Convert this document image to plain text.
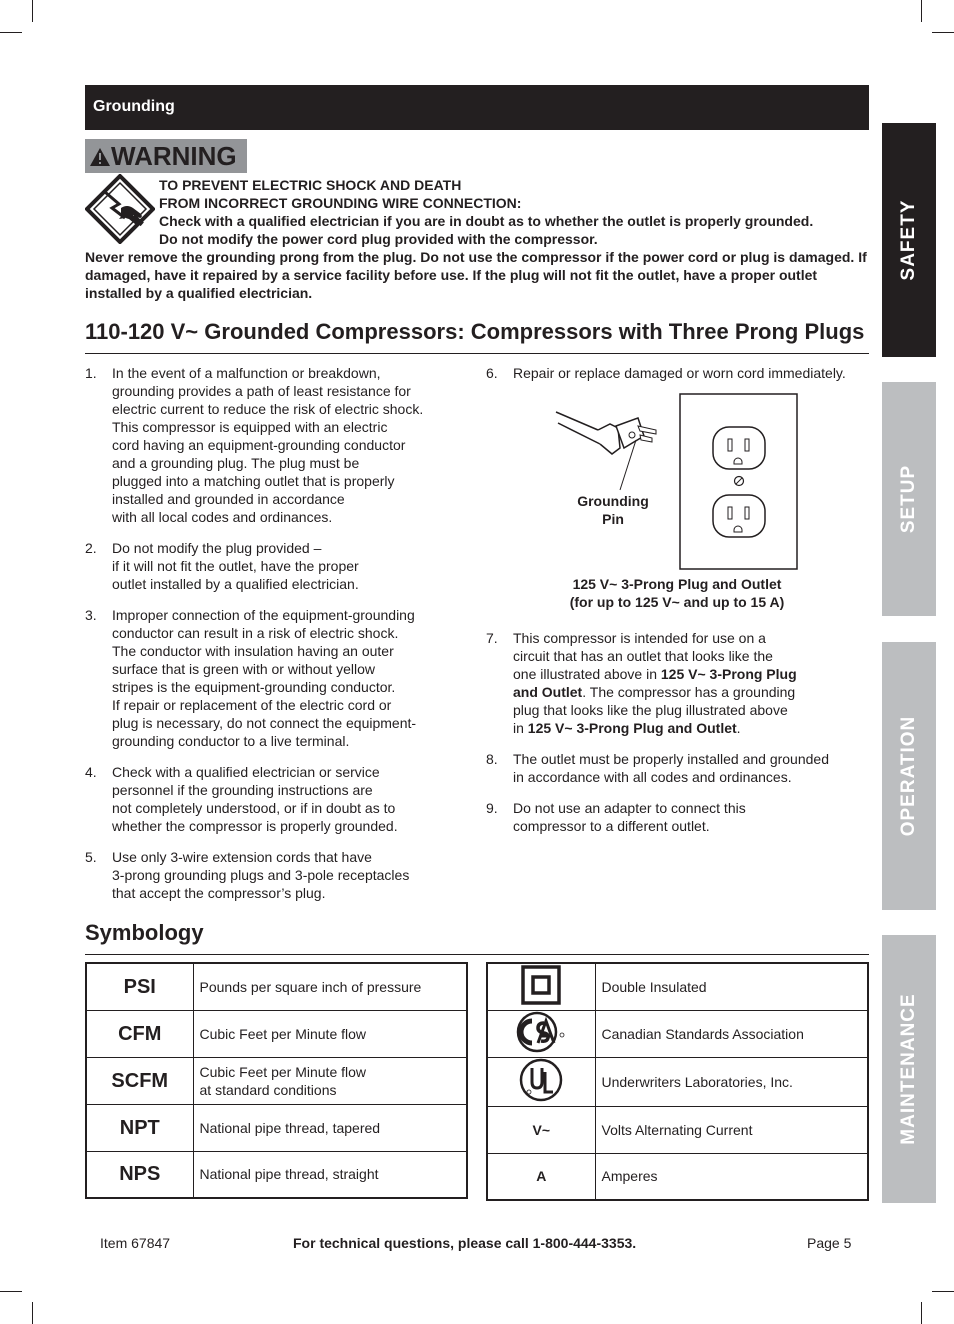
Grounding
WARNING
TO PREVENT ELECTRIC SHOCK AND DEATH
FROM INCORRECT GROUNDING WIRE CONNECTION:
Check with a qualified electrician if you are in doubt as to whether the outlet is properly grounded.
Do not modify the power cord plug provided with the compressor.
Never remove the grounding prong from the plug. Do not use the compressor if the power cord or plug is damaged. If damaged, have it repaired by a service facility before use. If the plug will not fit the outlet, have a proper outlet installed by a qualified electrician.
110-120 V~ Grounded Compressors: Compressors with Three Prong Plugs
1. In the event of a malfunction or breakdown,
grounding provides a path of least resistance for
electric current to reduce the risk of electric shock.
This compressor is equipped with an electric
cord having an equipment-grounding conductor
and a grounding plug. The plug must be
plugged into a matching outlet that is properly
installed and grounded in accordance
with all local codes and ordinances.
2. Do not modify the plug provided –
if it will not fit the outlet, have the proper
outlet installed by a qualified electrician.
3. Improper connection of the equipment-grounding
conductor can result in a risk of electric shock.
The conductor with insulation having an outer
surface that is green with or without yellow
stripes is the equipment-grounding conductor.
If repair or replacement of the electric cord or
plug is necessary, do not connect the equipment-
grounding conductor to a live terminal.
4. Check with a qualified electrician or service
personnel if the grounding instructions are
not completely understood, or if in doubt as to
whether the compressor is properly grounded.
5. Use only 3-wire extension cords that have
3-prong grounding plugs and 3-pole receptacles
that accept the compressor’s plug.
6. Repair or replace damaged or worn cord immediately.
Grounding
Pin
125 V~ 3-Prong Plug and Outlet
(for up to 125 V~ and up to 15 A)
7. This compressor is intended for use on a
circuit that has an outlet that looks like the
one illustrated above in 125 V~ 3-Prong Plug
and Outlet. The compressor has a grounding
plug that looks like the plug illustrated above
in 125 V~ 3-Prong Plug and Outlet.
8. The outlet must be properly installed and grounded
in accordance with all codes and ordinances.
9. Do not use an adapter to connect this
compressor to a different outlet.
Symbology
PSI	Pounds per square inch of pressure
CFM	Cubic Feet per Minute flow
SCFM	Cubic Feet per Minute flow
at standard conditions

NPT	National pipe thread, tapered
NPS	National pipe thread, straight
	Double Insulated
	Canadian Standards Association
	Underwriters Laboratories, Inc.
V~	Volts Alternating Current
A	Amperes
Item 67847	For technical questions, please call 1-800-444-3353.	Page 5
SAFETY
SETUP
OPERATION
MAINTENANCE
